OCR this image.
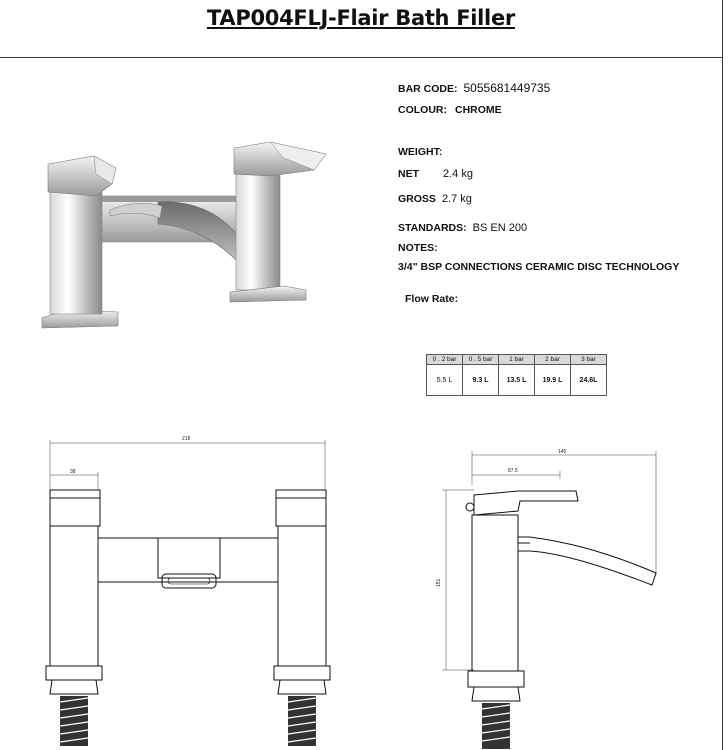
TAP004FLJ-Flair Bath Filler
BAR CODE: 5055681449735
COLOUR: CHROME
WEIGHT:
NET 2.4 kg
GROSS 2.7 kg
STANDARDS: BS EN 200
NOTES:
3/4" BSP CONNECTIONS CERAMIC DISC TECHNOLOGY
Flow Rate:
0 . 2 bar	0 . 5 bar	1 bar	2 bar	3 bar
5.5 L	9.3 L	13.5 L	19.9 L	24.6L
218
38
145
87.5
151
